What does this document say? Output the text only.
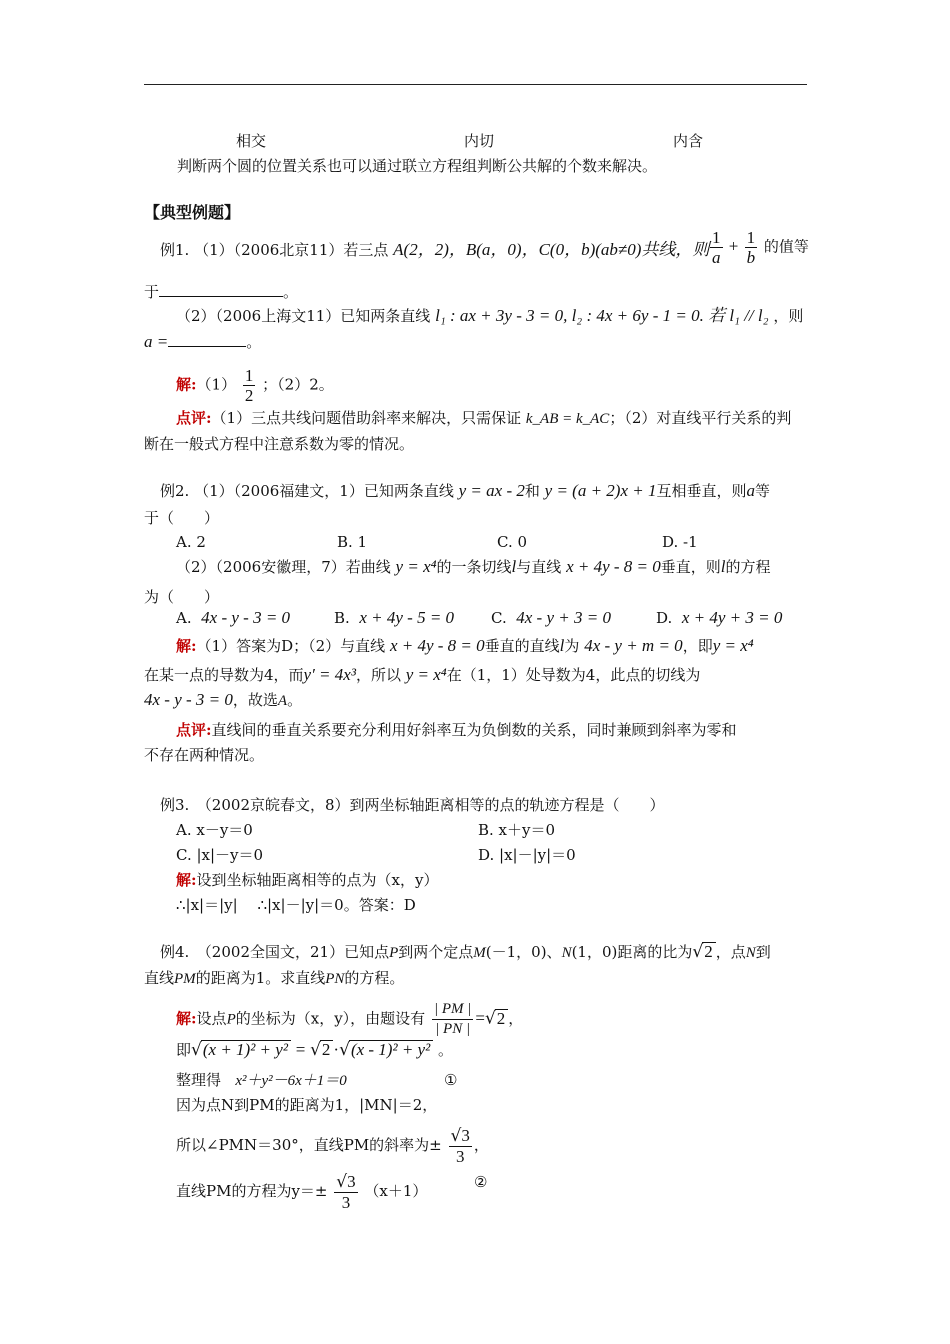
相交	内切	内含
判断两个圆的位置关系也可以通过联立方程组判断公共解的个数来解决。
【典型例题】
例1. （1）（2006北京11）若三点 A(2，2)，B(a，0)，C(0，b)(ab≠0)共线，则 $\frac{1}{a} + \frac{1}{b}$ 的值等
于	。
（2）（2006上海文11）已知两条直线 l₁ : ax + 3y - 3 = 0, l₂ : 4x + 6y - 1 = 0. 若 l₁ // l₂ ，则
a =	。
解:（1） $\frac{1}{2}$ ；（2）2。
点评:（1）三点共线问题借助斜率来解决，只需保证 k_AB = k_AC；（2）对直线平行关系的判
断在一般式方程中注意系数为零的情况。
例2. （1）（2006福建文，1）已知两条直线 y = ax - 2和 y = (a + 2)x + 1互相垂直，则a等
于（　　）
A. 2	B. 1	C. 0	D. -1
（2）（2006安徽理，7）若曲线 y = x⁴的一条切线l与直线 x + 4y - 8 = 0垂直，则l的方程
为（　　）
A. 4x - y - 3 = 0	B. x + 4y - 5 = 0 C. 4x - y + 3 = 0	D. x + 4y + 3 = 0
解:（1）答案为D；（2）与直线 x + 4y - 8 = 0垂直的直线l为 4x - y + m = 0，即y = x⁴
在某一点的导数为4，而y′ = 4x³，所以 y = x⁴在（1，1）处导数为4，此点的切线为
4x - y - 3 = 0，故选A。
点评:直线间的垂直关系要充分利用好斜率互为负倒数的关系，同时兼顾到斜率为零和
不存在两种情况。
例3.　（2002京皖春文，8）到两坐标轴距离相等的点的轨迹方程是（　　）
A. x－y＝0	B. x＋y＝0
C. |x|－y＝0	D. |x|－|y|＝0
解:设到坐标轴距离相等的点为（x，y）
∴|x|＝|y|　 ∴|x|－|y|＝0。答案：D
例4.　（2002全国文，21）已知点P到两个定点M(－1，0)、N(1，0)距离的比为√2 ，点N到
直线PM的距离为1。求直线PN的方程。
解:设点P的坐标为（x，y），由题设有 $\frac{| PM |}{| PN |} =√2$ ，
即√(x + 1)² + y² = √2 ·√(x - 1)² + y² 。
整理得 x²＋y²－6x＋1＝0	①
因为点N到PM的距离为1，|MN|＝2，
所以∠PMN＝30°，直线PM的斜率为± $\frac{√3}{3}$ ，
直线PM的方程为$y=\pm \frac{√3}{3} (x+1)$	②
